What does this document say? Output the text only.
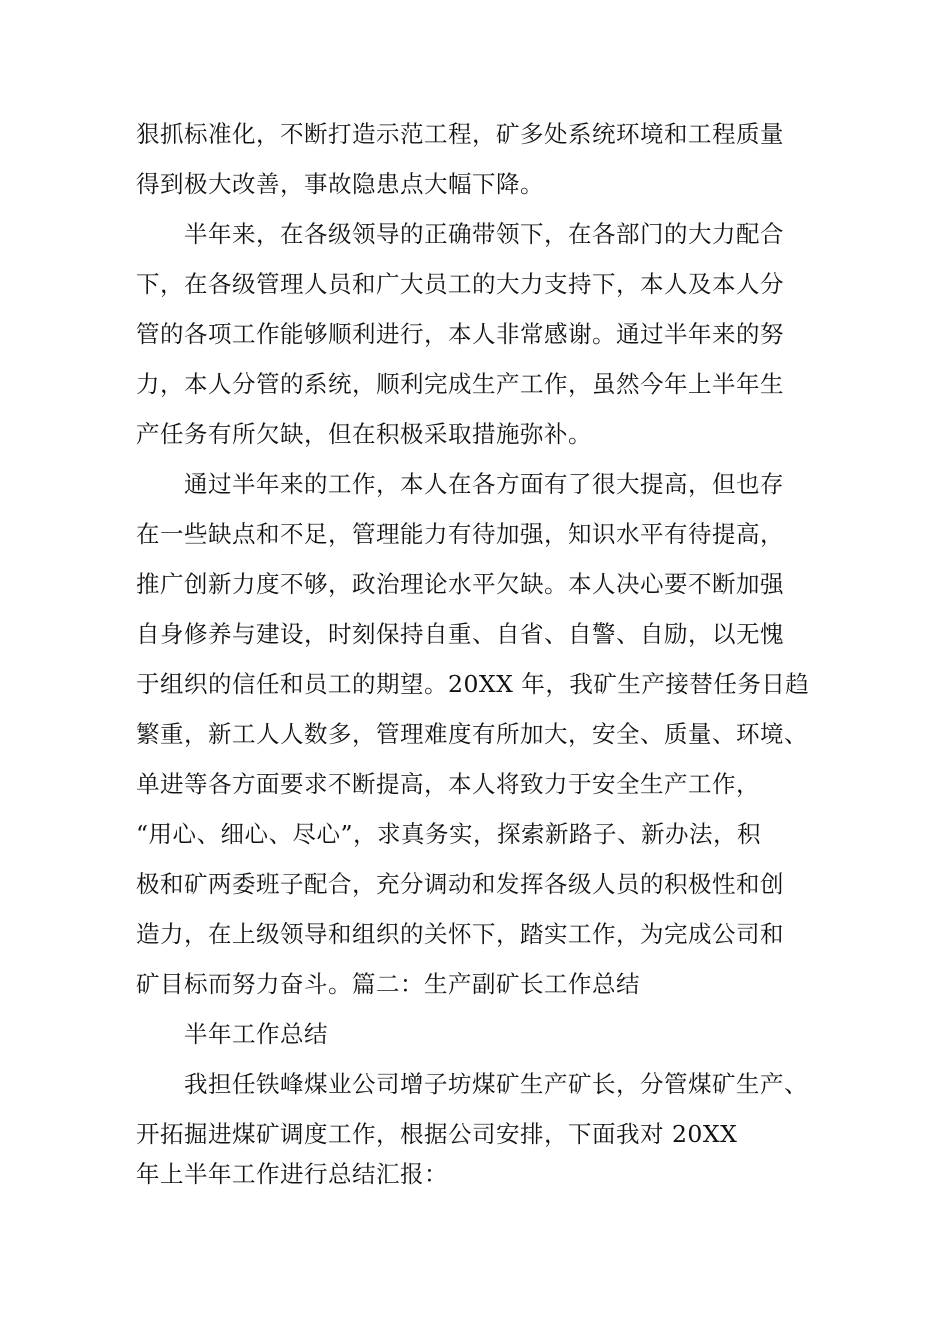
狠抓标准化，不断打造示范工程，矿多处系统环境和工程质量
得到极大改善，事故隐患点大幅下降。
半年来，在各级领导的正确带领下，在各部门的大力配合
下，在各级管理人员和广大员工的大力支持下，本人及本人分
管的各项工作能够顺利进行，本人非常感谢。通过半年来的努
力，本人分管的系统，顺利完成生产工作，虽然今年上半年生
产任务有所欠缺，但在积极采取措施弥补。
通过半年来的工作，本人在各方面有了很大提高，但也存
在一些缺点和不足，管理能力有待加强，知识水平有待提高，
推广创新力度不够，政治理论水平欠缺。本人决心要不断加强
自身修养与建设，时刻保持自重、自省、自警、自励，以无愧
于组织的信任和员工的期望。20XX 年，我矿生产接替任务日趋
繁重，新工人人数多，管理难度有所加大，安全、质量、环境、
单进等各方面要求不断提高，本人将致力于安全生产工作，
“用心、细心、尽心”，求真务实，探索新路子、新办法，积
极和矿两委班子配合，充分调动和发挥各级人员的积极性和创
造力，在上级领导和组织的关怀下，踏实工作，为完成公司和
矿目标而努力奋斗。篇二：生产副矿长工作总结
半年工作总结
我担任铁峰煤业公司增子坊煤矿生产矿长，分管煤矿生产、
开拓掘进煤矿调度工作，根据公司安排，下面我对 20XX
年上半年工作进行总结汇报：
